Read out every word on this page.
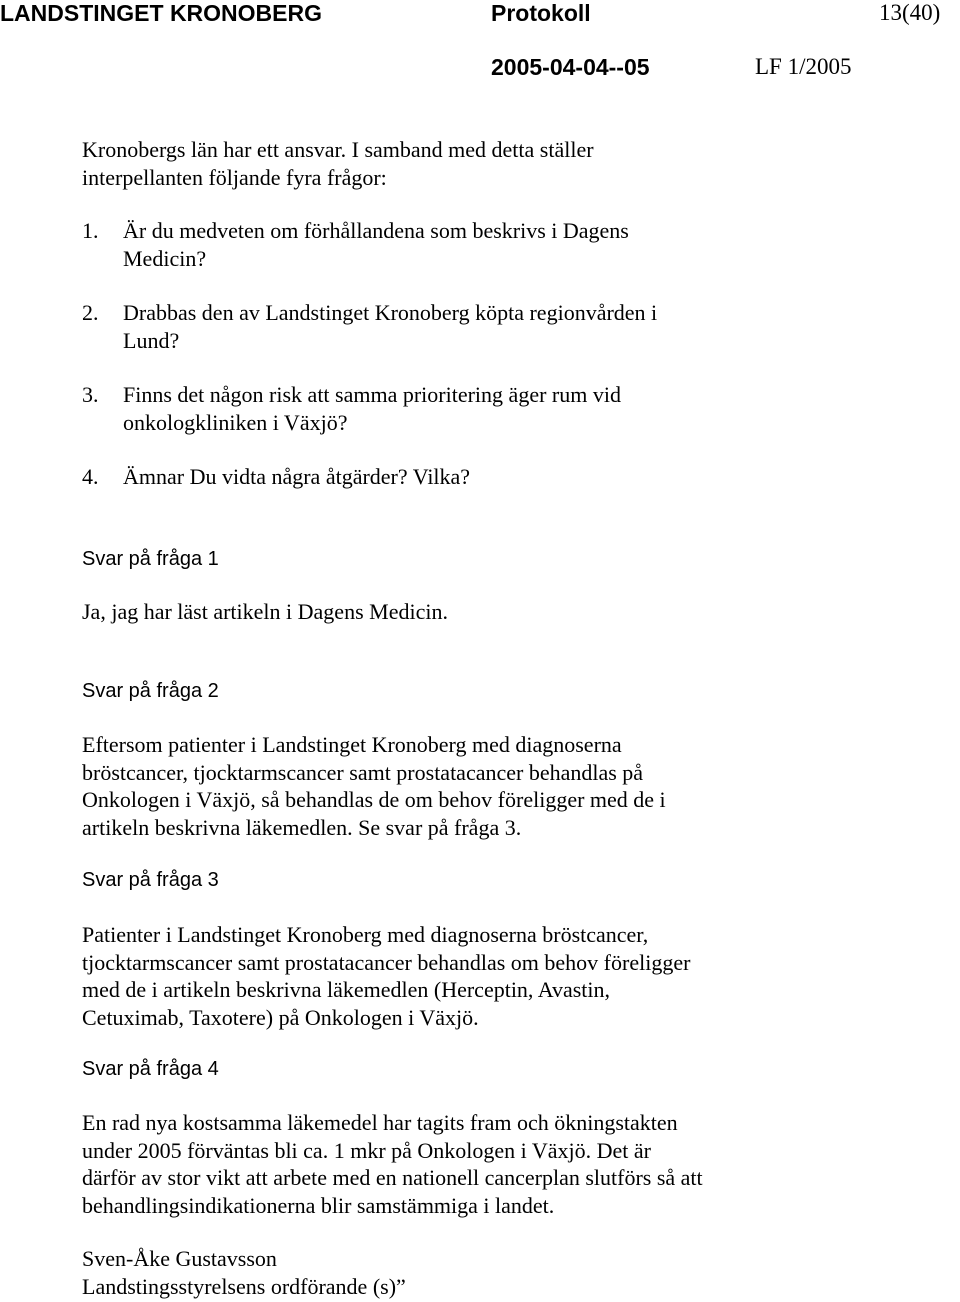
LANDSTINGET KRONOBERG	Protokoll	13(40)
2005-04-04--05	LF 1/2005
Kronobergs län har ett ansvar. I samband med detta ställer
interpellanten följande fyra frågor:
1. Är du medveten om förhållandena som beskrivs i Dagens
Medicin?
2. Drabbas den av Landstinget Kronoberg köpta regionvården i
Lund?
3. Finns det någon risk att samma prioritering äger rum vid
onkologkliniken i Växjö?
4. Ämnar Du vidta några åtgärder? Vilka?
Svar på fråga 1
Ja, jag har läst artikeln i Dagens Medicin.
Svar på fråga 2
Eftersom patienter i Landstinget Kronoberg med diagnoserna
bröstcancer, tjocktarmscancer samt prostatacancer behandlas på
Onkologen i Växjö, så behandlas de om behov föreligger med de i
artikeln beskrivna läkemedlen. Se svar på fråga 3.
Svar på fråga 3
Patienter i Landstinget Kronoberg med diagnoserna bröstcancer,
tjocktarmscancer samt prostatacancer behandlas om behov föreligger
med de i artikeln beskrivna läkemedlen (Herceptin, Avastin,
Cetuximab, Taxotere) på Onkologen i Växjö.
Svar på fråga 4
En rad nya kostsamma läkemedel har tagits fram och ökningstakten
under 2005 förväntas bli ca. 1 mkr på Onkologen i Växjö. Det är
därför av stor vikt att arbete med en nationell cancerplan slutförs så att
behandlingsindikationerna blir samstämmiga i landet.
Sven-Åke Gustavsson
Landstingsstyrelsens ordförande (s)”
